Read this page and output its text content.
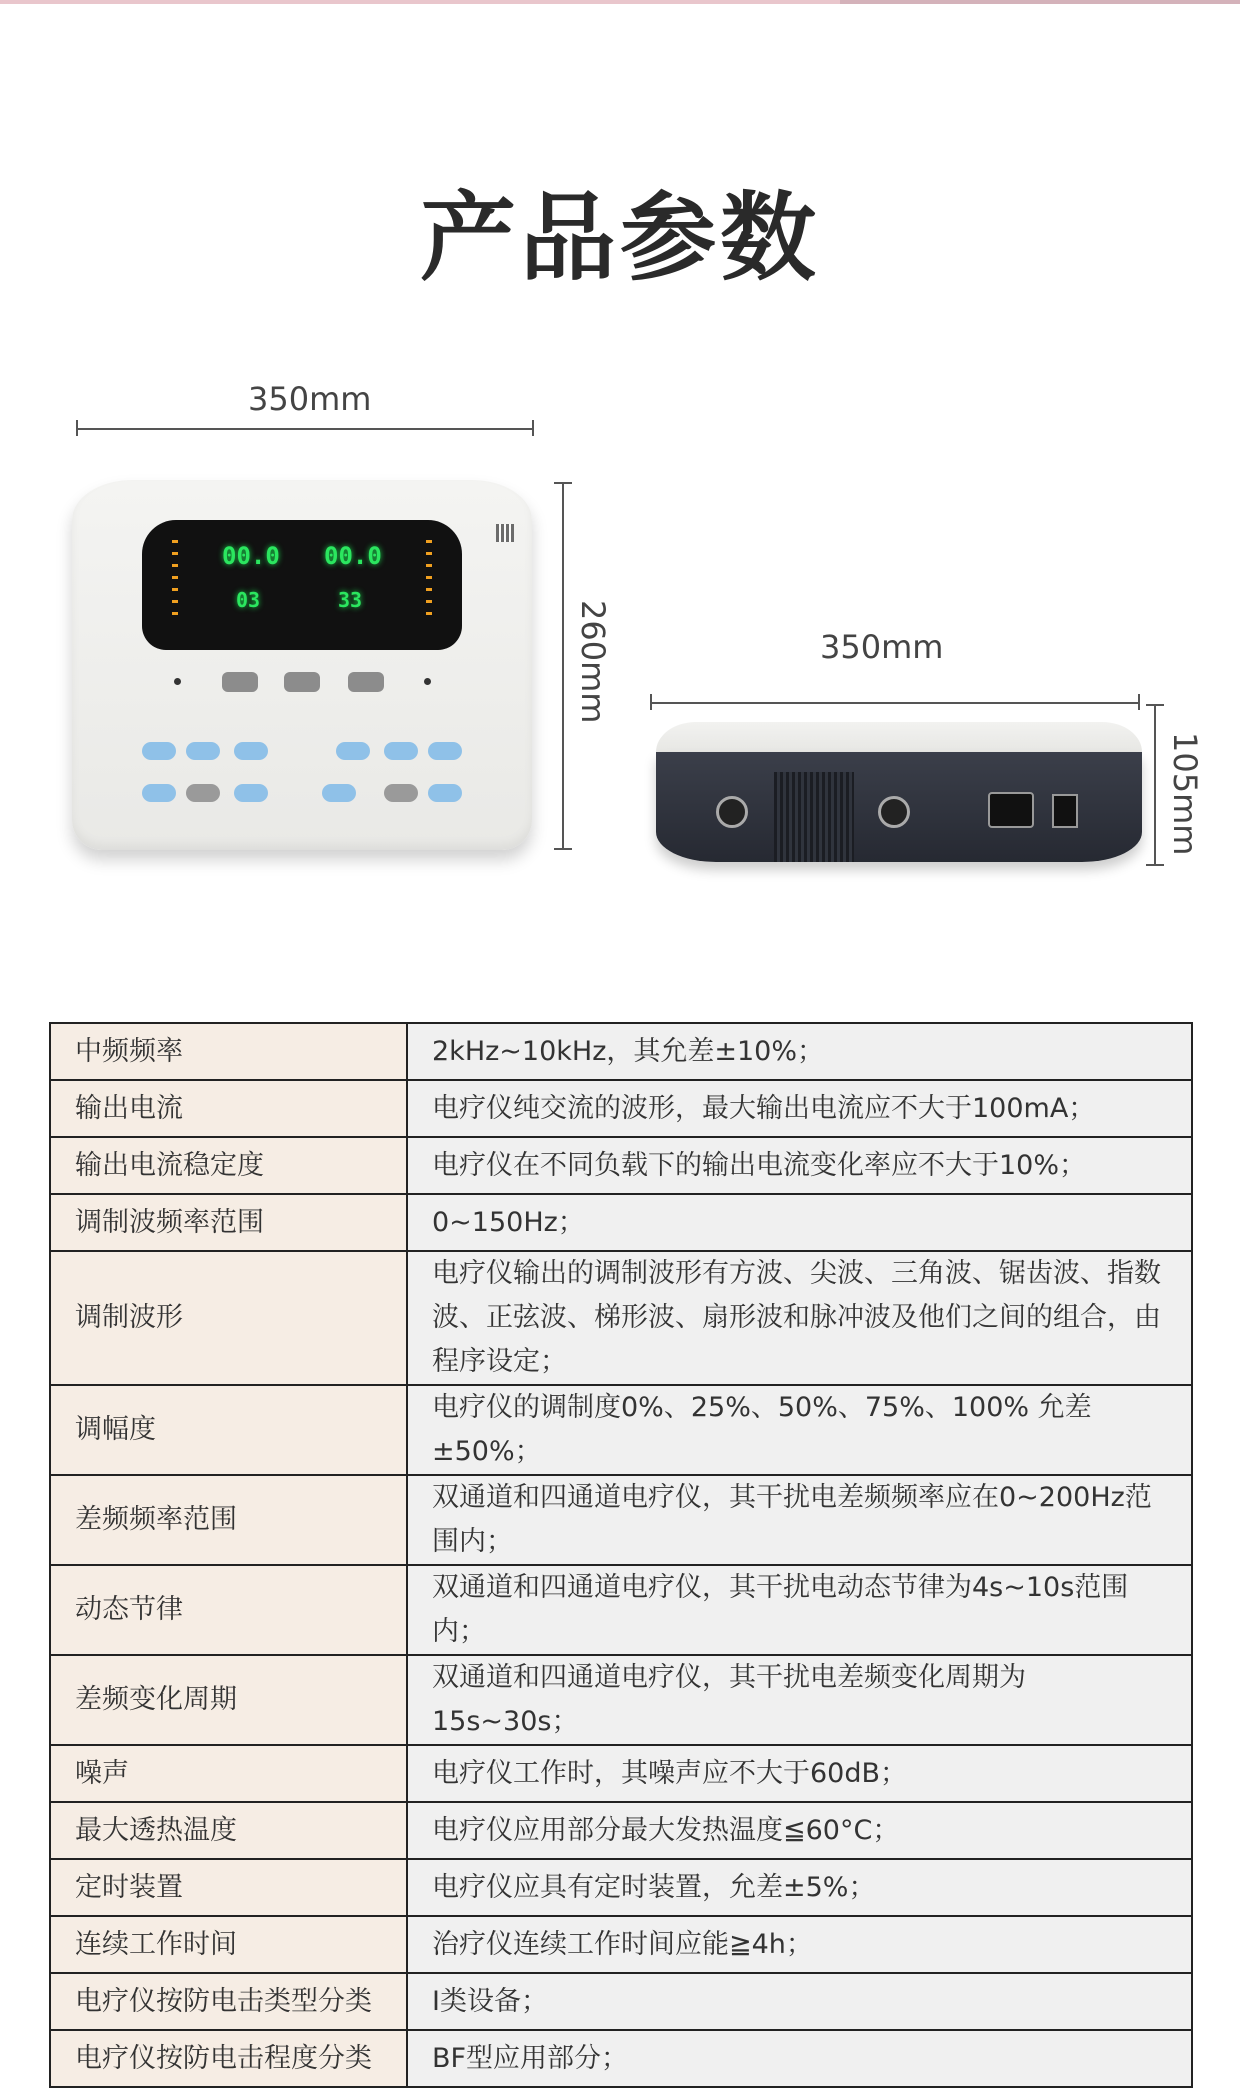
产品参数
350mm
260mm
00.0 00.0
03	33
350mm
105mm
中频频率	2kHz~10kHz，其允差±10%；
输出电流	电疗仪纯交流的波形，最大输出电流应不大于100mA；
输出电流稳定度	电疗仪在不同负载下的输出电流变化率应不大于10%；
调制波频率范围	0~150Hz；
调制波形	电疗仪输出的调制波形有方波、尖波、三角波、锯齿波、指数波、正弦波、梯形波、扇形波和脉冲波及他们之间的组合，由程序设定；
调幅度	电疗仪的调制度0%、25%、50%、75%、100% 允差±50%；
差频频率范围	双通道和四通道电疗仪，其干扰电差频频率应在0~200Hz范围内；
动态节律	双通道和四通道电疗仪，其干扰电动态节律为4s~10s范围内；
差频变化周期	双通道和四通道电疗仪，其干扰电差频变化周期为15s~30s；
噪声	电疗仪工作时，其噪声应不大于60dB；
最大透热温度	电疗仪应用部分最大发热温度≦60°C；
定时装置	电疗仪应具有定时装置，允差±5%；
连续工作时间	治疗仪连续工作时间应能≧4h；
电疗仪按防电击类型分类	I类设备；
电疗仪按防电击程度分类	BF型应用部分；
